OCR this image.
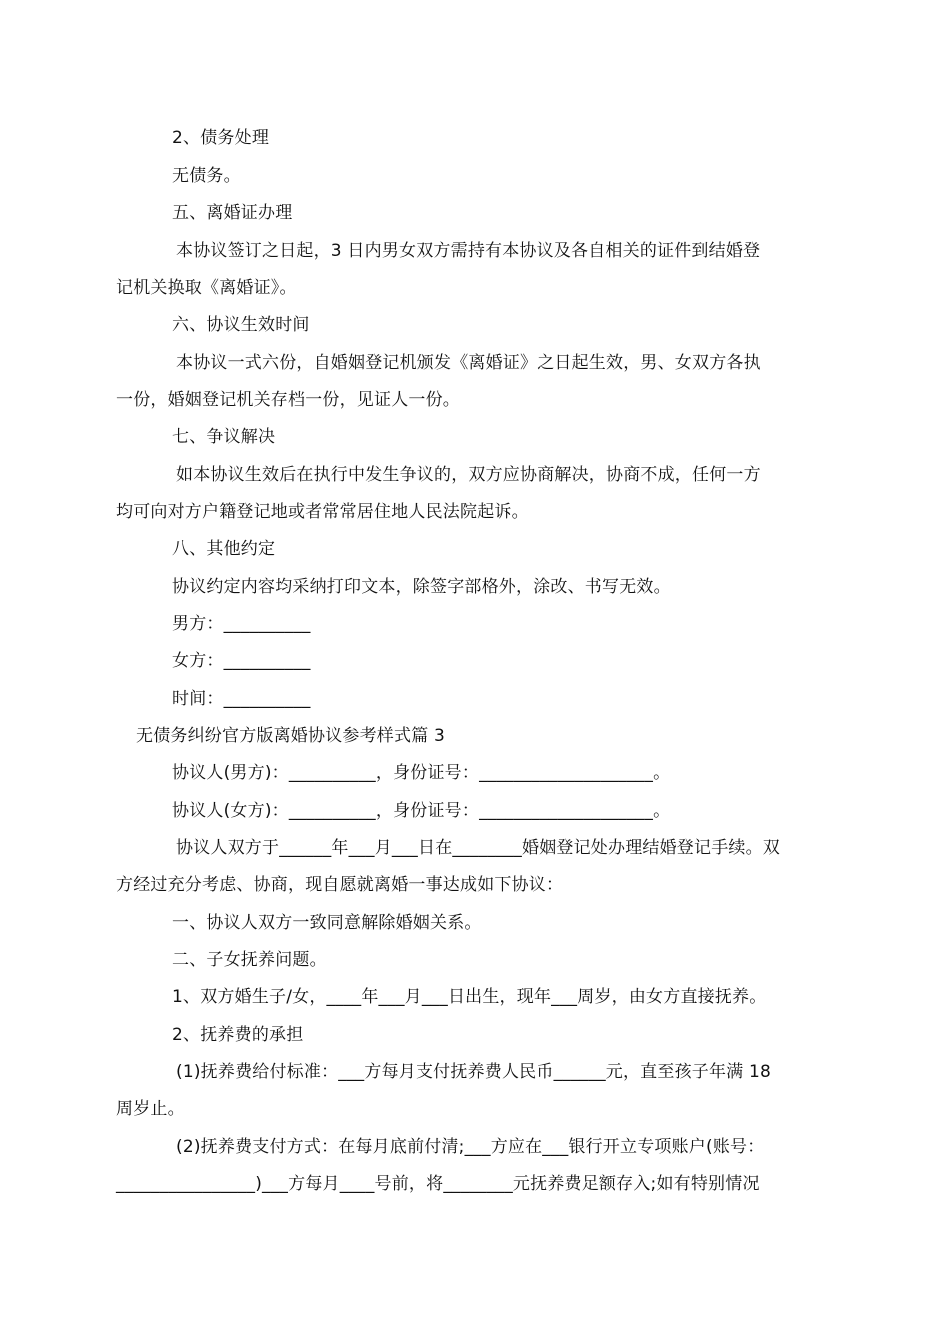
2、债务处理
无债务。
五、离婚证办理
本协议签订之日起，3 日内男女双方需持有本协议及各自相关的证件到结婚登
记机关换取《离婚证》。
六、协议生效时间
本协议一式六份，自婚姻登记机颁发《离婚证》之日起生效，男、女双方各执
一份，婚姻登记机关存档一份，见证人一份。
七、争议解决
如本协议生效后在执行中发生争议的，双方应协商解决，协商不成，任何一方
均可向对方户籍登记地或者常常居住地人民法院起诉。
八、其他约定
协议约定内容均采纳打印文本，除签字部格外，涂改、书写无效。
男方：__________
女方：__________
时间：__________
无债务纠纷官方版离婚协议参考样式篇 3
协议人(男方)：__________，身份证号：____________________。
协议人(女方)：__________，身份证号：____________________。
协议人双方于______年___月___日在________婚姻登记处办理结婚登记手续。双
方经过充分考虑、协商，现自愿就离婚一事达成如下协议：
一、协议人双方一致同意解除婚姻关系。
二、子女抚养问题。
1、双方婚生子/女，____年___月___日出生，现年___周岁，由女方直接抚养。
2、抚养费的承担
(1)抚养费给付标准：___方每月支付抚养费人民币______元，直至孩子年满 18
周岁止。
(2)抚养费支付方式：在每月底前付清;___方应在___银行开立专项账户(账号：
________________)___方每月____号前，将________元抚养费足额存入;如有特别情况
